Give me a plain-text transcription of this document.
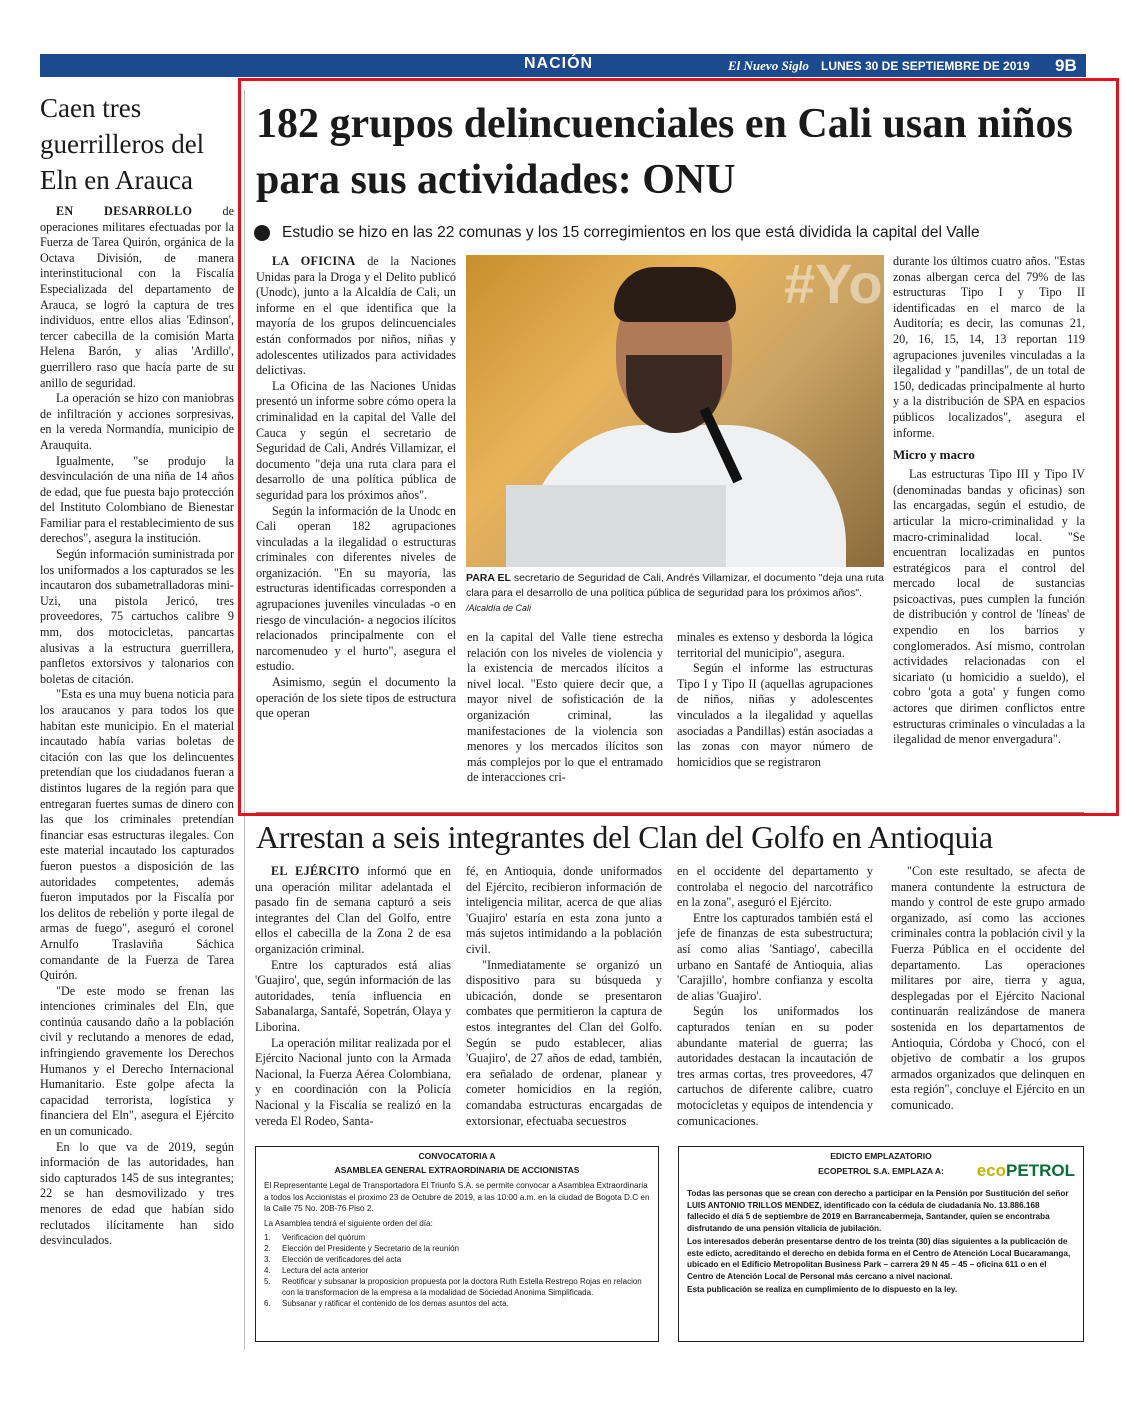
NACIÓN	El Nuevo Siglo LUNES 30 DE SEPTIEMBRE DE 2019 9B
Caen tres guerrilleros del Eln en Arauca

EN DESARROLLO de operaciones militares efectuadas por la Fuerza de Tarea Quirón, orgánica de la Octava División, de manera interinstitucional con la Fiscalía Especializada del departamento de Arauca, se logró la captura de tres individuos, entre ellos alias 'Edinson', tercer cabecilla de la comisión Marta Helena Barón, y alias 'Ardillo', guerrillero raso que hacía parte de su anillo de seguridad.

La operación se hizo con maniobras de infiltración y acciones sorpresivas, en la vereda Normandía, municipio de Arauquita.

Igualmente, "se produjo la desvinculación de una niña de 14 años de edad, que fue puesta bajo protección del Instituto Colombiano de Bienestar Familiar para el restablecimiento de sus derechos", asegura la institución.

Según información suministrada por los uniformados a los capturados se les incautaron dos subametralladoras mini-Uzi, una pistola Jericó, tres proveedores, 75 cartuchos calibre 9 mm, dos motocicletas, pancartas alusivas a la estructura guerrillera, panfletos extorsivos y talonarios con boletas de citación.

"Esta es una muy buena noticia para los araucanos y para todos los que habitan este municipio. En el material incautado había varias boletas de citación con las que los delincuentes pretendían que los ciudadanos fueran a distintos lugares de la región para que entregaran fuertes sumas de dinero con las que los criminales pretendían financiar esas estructuras ilegales. Con este material incautado los capturados fueron puestos a disposición de las autoridades competentes, además fueron imputados por la Fiscalía por los delitos de rebelión y porte ilegal de armas de fuego", aseguró el coronel Arnulfo Traslaviña Sáchica comandante de la Fuerza de Tarea Quirón.

"De este modo se frenan las intenciones criminales del Eln, que continúa causando daño a la población civil y reclutando a menores de edad, infringiendo gravemente los Derechos Humanos y el Derecho Internacional Humanitario. Este golpe afecta la capacidad terrorista, logística y financiera del Eln", asegura el Ejército en un comunicado.

En lo que va de 2019, según información de las autoridades, han sido capturados 145 de sus integrantes; 22 se han desmovilizado y tres menores de edad que habían sido reclutados ilícitamente han sido desvinculados.

182 grupos delincuenciales en Cali usan niños para sus actividades: ONU
Estudio se hizo en las 22 comunas y los 15 corregimientos en los que está dividida la capital del Valle

LA OFICINA de la Naciones Unidas para la Droga y el Delito publicó (Unodc), junto a la Alcaldía de Cali, un informe en el que identifica que la mayoría de los grupos delincuenciales están conformados por niños, niñas y adolescentes utilizados para actividades delictivas.

La Oficina de las Naciones Unidas presentó un informe sobre cómo opera la criminalidad en la capital del Valle del Cauca y según el secretario de Seguridad de Cali, Andrés Villamizar, el documento "deja una ruta clara para el desarrollo de una política pública de seguridad para los próximos años".

Según la información de la Unodc en Cali operan 182 agrupaciones vinculadas a la ilegalidad o estructuras criminales con diferentes niveles de organización. "En su mayoría, las estructuras identificadas corresponden a agrupaciones juveniles vinculadas -o en riesgo de vinculación- a negocios ilícitos relacionados principalmente con el narcomenudeo y el hurto", asegura el estudio.

Asimismo, según el documento la operación de los siete tipos de estructura que operan

#Yo
PARA EL secretario de Seguridad de Cali, Andrés Villamizar, el documento "deja una ruta clara para el desarrollo de una política pública de seguridad para los próximos años". /Alcaldía de Cali

en la capital del Valle tiene estrecha relación con los niveles de violencia y la existencia de mercados ilícitos a nivel local. "Esto quiere decir que, a mayor nivel de sofisticación de la organización criminal, las manifestaciones de la violencia son menores y los mercados ilícitos son más complejos por lo que el entramado de interacciones cri-

minales es extenso y desborda la lógica territorial del municipio", asegura.

Según el informe las estructuras Tipo I y Tipo II (aquellas agrupaciones de niños, niñas y adolescentes vinculados a la ilegalidad y aquellas asociadas a Pandillas) están asociadas a las zonas con mayor número de homicidios que se registraron

durante los últimos cuatro años. "Estas zonas albergan cerca del 79% de las estructuras Tipo I y Tipo II identificadas en el marco de la Auditoría; es decir, las comunas 21, 20, 16, 15, 14, 13 reportan 119 agrupaciones juveniles vinculadas a la ilegalidad y "pandillas", de un total de 150, dedicadas principalmente al hurto y a la distribución de SPA en espacios públicos localizados", asegura el informe.

Micro y macro

Las estructuras Tipo III y Tipo IV (denominadas bandas y oficinas) son las encargadas, según el estudio, de articular la micro-criminalidad y la macro-criminalidad local. "Se encuentran localizadas en puntos estratégicos para el control del mercado local de sustancias psicoactivas, pues cumplen la función de distribución y control de 'líneas' de expendio en los barrios y conglomerados. Así mismo, controlan actividades relacionadas con el sicariato (u homicidio a sueldo), el cobro 'gota a gota' y fungen como actores que dirimen conflictos entre estructuras criminales o vinculadas a la ilegalidad de menor envergadura".

Arrestan a seis integrantes del Clan del Golfo en Antioquia

EL EJÉRCITO informó que en una operación militar adelantada el pasado fin de semana capturó a seis integrantes del Clan del Golfo, entre ellos el cabecilla de la Zona 2 de esa organización criminal.

Entre los capturados está alias 'Guajiro', que, según información de las autoridades, tenía influencia en Sabanalarga, Santafé, Sopetrán, Olaya y Liborina.

La operación militar realizada por el Ejército Nacional junto con la Armada Nacional, la Fuerza Aérea Colombiana, y en coordinación con la Policía Nacional y la Fiscalía se realizó en la vereda El Rodeo, Santa-

fé, en Antioquia, donde uniformados del Ejército, recibieron información de inteligencia militar, acerca de que alias 'Guajiro' estaría en esta zona junto a más sujetos intimidando a la población civil.

"Inmediatamente se organizó un dispositivo para su búsqueda y ubicación, donde se presentaron combates que permitieron la captura de estos integrantes del Clan del Golfo. Según se pudo establecer, alias 'Guajiro', de 27 años de edad, también, era señalado de ordenar, planear y cometer homicidios en la región, comandaba estructuras encargadas de extorsionar, efectuaba secuestros

en el occidente del departamento y controlaba el negocio del narcotráfico en la zona", aseguró el Ejército.

Entre los capturados también está el jefe de finanzas de esta subestructura; así como alias 'Santiago', cabecilla urbano en Santafé de Antioquia, alias 'Carajillo', hombre confianza y escolta de alias 'Guajiro'.

Según los uniformados los capturados tenían en su poder abundante material de guerra; las autoridades destacan la incautación de tres armas cortas, tres proveedores, 47 cartuchos de diferente calibre, cuatro motocicletas y equipos de intendencia y comunicaciones.

"Con este resultado, se afecta de manera contundente la estructura de mando y control de este grupo armado organizado, así como las acciones criminales contra la población civil y la Fuerza Pública en el occidente del departamento. Las operaciones militares por aire, tierra y agua, desplegadas por el Ejército Nacional continuarán realizándose de manera sostenida en los departamentos de Antioquia, Córdoba y Chocó, con el objetivo de combatir a los grupos armados organizados que delinquen en esta región", concluye el Ejército en un comunicado.

CONVOCATORIA A
ASAMBLEA GENERAL EXTRAORDINARIA DE ACCIONISTAS

El Representante Legal de Transportadora El Triunfo S.A. se permite convocar a Asamblea Extraordinaria a todos los Accionistas el proximo 23 de Octubre de 2019, a las 10:00 a.m. en la ciudad de Bogota D.C en la Calle 75 No. 20B-76 Piso 2.

La Asamblea tendrá el siguiente orden del día:

1. Verificacion del quórum
2. Elección del Presidente y Secretario de la reunión
3. Elección de verificadores del acta
4. Lectura del acta anterior
5.	Reotificar y subsanar la proposicion propuesta por la doctora Ruth Estella Restrepo Rojas en relacion con la transformacion de la empresa a la modalidad de Sociedad Anonima Simplificada.
6. Subsanar y ratificar el contenido de los demas asuntos del acta.
EDICTO EMPLAZATORIO
ECOPETROL S.A. EMPLAZA A:	ecoPETROL

Todas las personas que se crean con derecho a participar en la Pensión por Sustitución del señor LUIS ANTONIO TRILLOS MENDEZ, identificado con la cédula de ciudadanía No. 13.886.168 fallecido el día 5 de septiembre de 2019 en Barrancabermeja, Santander, quien se encontraba disfrutando de una pensión vitalicia de jubilación.

Los interesados deberán presentarse dentro de los treinta (30) días siguientes a la publicación de este edicto, acreditando el derecho en debida forma en el Centro de Atención Local Bucaramanga, ubicado en el Edificio Metropolitan Business Park – carrera 29 N 45 – 45 – oficina 611 o en el Centro de Atención Local de Personal más cercano a nivel nacional.

Esta publicación se realiza en cumplimiento de lo dispuesto en la ley.
